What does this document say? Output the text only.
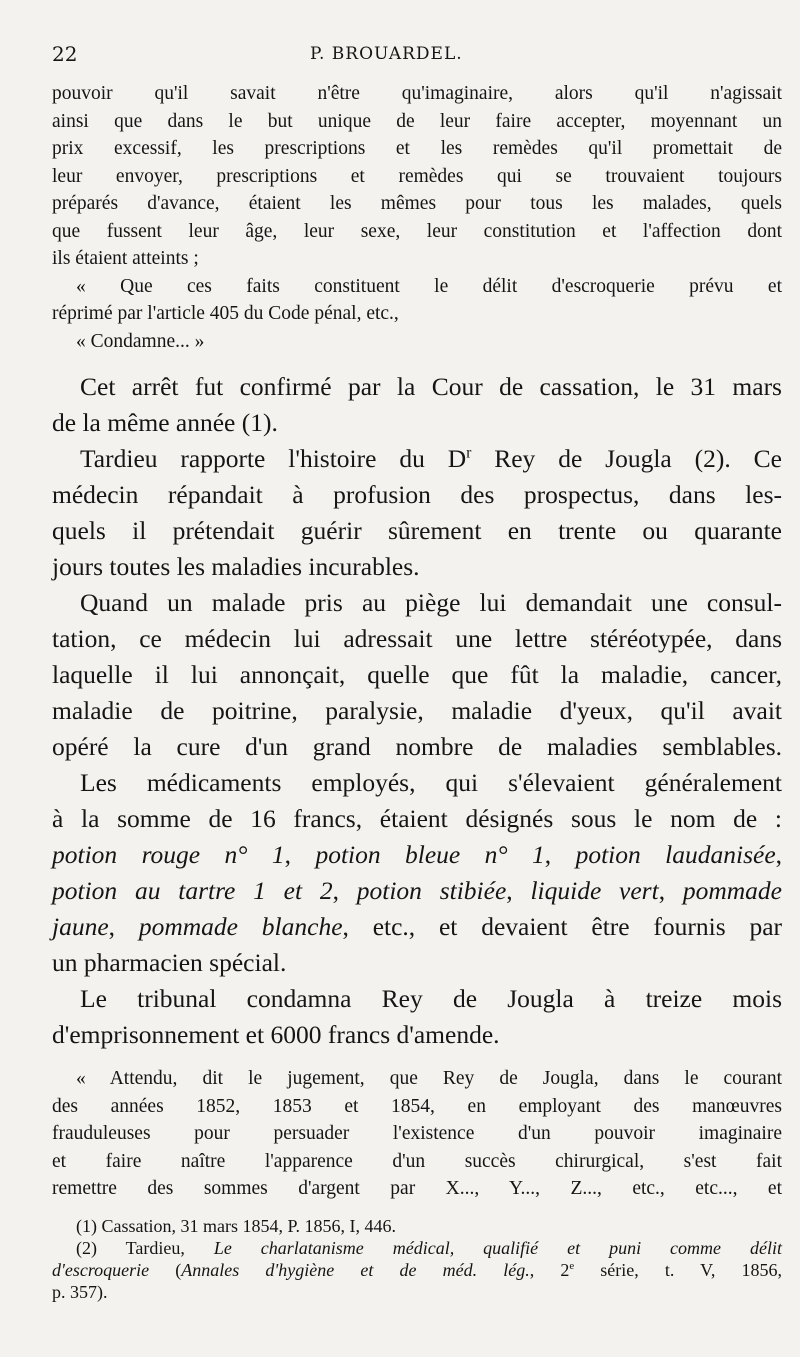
22	P. BROUARDEL.
pouvoir qu'il savait n'être qu'imaginaire, alors qu'il n'agissait
ainsi que dans le but unique de leur faire accepter, moyennant un
prix excessif, les prescriptions et les remèdes qu'il promettait de
leur envoyer, prescriptions et remèdes qui se trouvaient toujours
préparés d'avance, étaient les mêmes pour tous les malades, quels
que fussent leur âge, leur sexe, leur constitution et l'affection dont
ils étaient atteints ;
« Que ces faits constituent le délit d'escroquerie prévu et
réprimé par l'article 405 du Code pénal, etc.,
« Condamne... »
Cet arrêt fut confirmé par la Cour de cassation, le 31 mars
de la même année (1).
Tardieu rapporte l'histoire du $D^r$ Rey de Jougla (2). Ce
médecin répandait à profusion des prospectus, dans les-
quels il prétendait guérir sûrement en trente ou quarante
jours toutes les maladies incurables.
Quand un malade pris au piège lui demandait une consul-
tation, ce médecin lui adressait une lettre stéréotypée, dans
laquelle il lui annonçait, quelle que fût la maladie, cancer,
maladie de poitrine, paralysie, maladie d'yeux, qu'il avait
opéré la cure d'un grand nombre de maladies semblables.
Les médicaments employés, qui s'élevaient généralement
à la somme de 16 francs, étaient désignés sous le nom de :
potion rouge n° 1, potion bleue n° 1, potion laudanisée,
potion au tartre 1 et 2, potion stibiée, liquide vert, pommade
jaune, pommade blanche, etc., et devaient être fournis par
un pharmacien spécial.
Le tribunal condamna Rey de Jougla à treize mois
d'emprisonnement et 6000 francs d'amende.
« Attendu, dit le jugement, que Rey de Jougla, dans le courant
des années 1852, 1853 et 1854, en employant des manœuvres
frauduleuses pour persuader l'existence d'un pouvoir imaginaire
et faire naître l'apparence d'un succès chirurgical, s'est fait
remettre des sommes d'argent par X..., Y..., Z..., etc., etc..., et
(1) Cassation, 31 mars 1854, P. 1856, I, 446.
(2) Tardieu, Le charlatanisme médical, qualifié et puni comme délit
d'escroquerie (Annales d'hygiène et de méd. lég., 2e série, t. V, 1856,
p. 357).
